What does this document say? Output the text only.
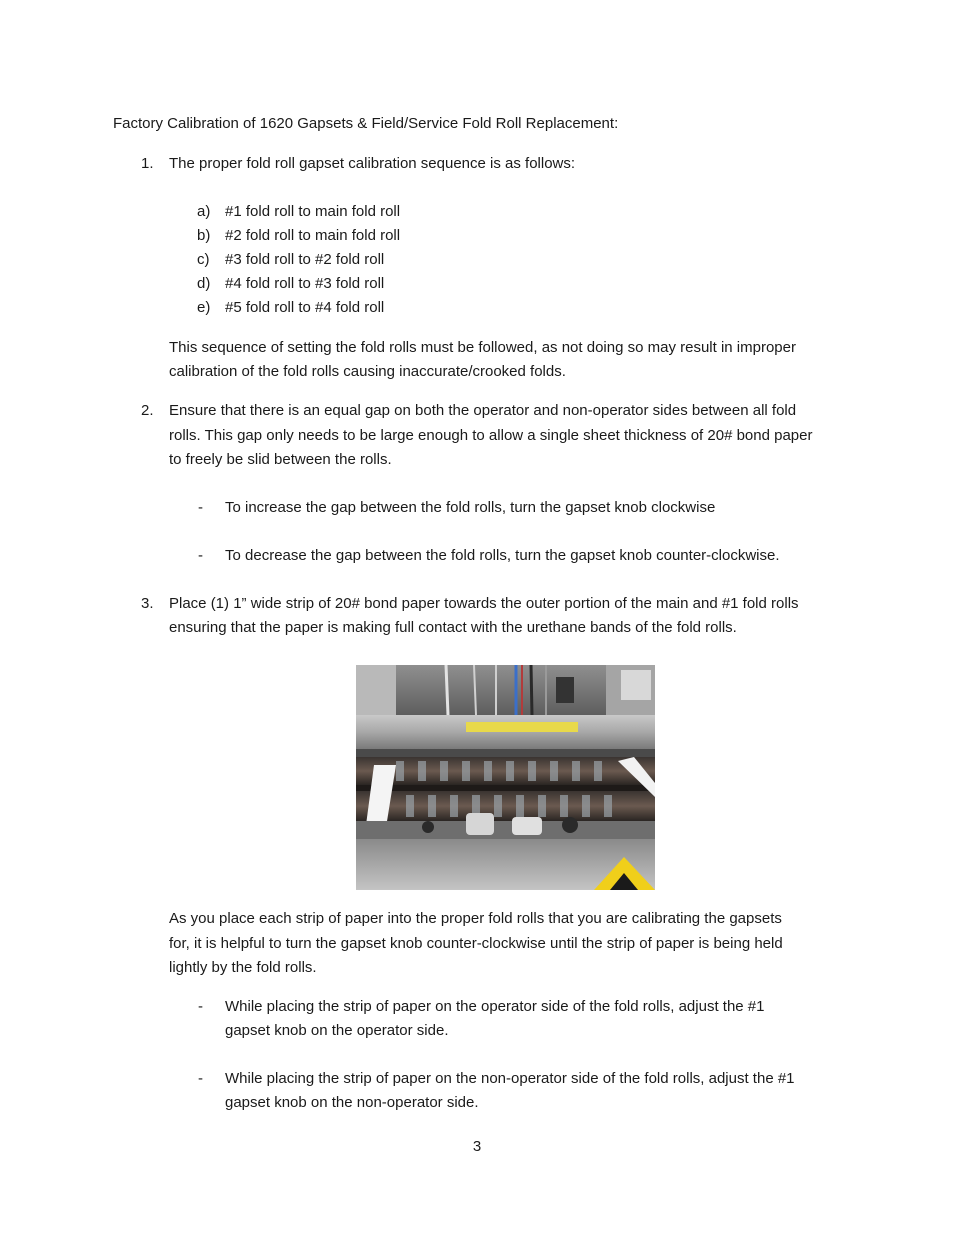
Factory Calibration of 1620 Gapsets & Field/Service Fold Roll Replacement:
1. The proper fold roll gapset calibration sequence is as follows:
a) #1 fold roll to main fold roll
b) #2 fold roll to main fold roll
c) #3 fold roll to #2 fold roll
d) #4 fold roll to #3 fold roll
e) #5 fold roll to #4 fold roll
This sequence of setting the fold rolls must be followed, as not doing so may result in improper
calibration of the fold rolls causing inaccurate/crooked folds.
2. Ensure that there is an equal gap on both the operator and non-operator sides between all fold
rolls. This gap only needs to be large enough to allow a single sheet thickness of 20# bond paper
to freely be slid between the rolls.
- To increase the gap between the fold rolls, turn the gapset knob clockwise
- To decrease the gap between the fold rolls, turn the gapset knob counter-clockwise.
3. Place (1) 1” wide strip of 20# bond paper towards the outer portion of the main and #1 fold rolls
ensuring that the paper is making full contact with the urethane bands of the fold rolls.
As you place each strip of paper into the proper fold rolls that you are calibrating the gapsets
for, it is helpful to turn the gapset knob counter-clockwise until the strip of paper is being held
lightly by the fold rolls.
- While placing the strip of paper on the operator side of the fold rolls, adjust the #1
gapset knob on the operator side.
- While placing the strip of paper on the non-operator side of the fold rolls, adjust the #1
gapset knob on the non-operator side.
3
